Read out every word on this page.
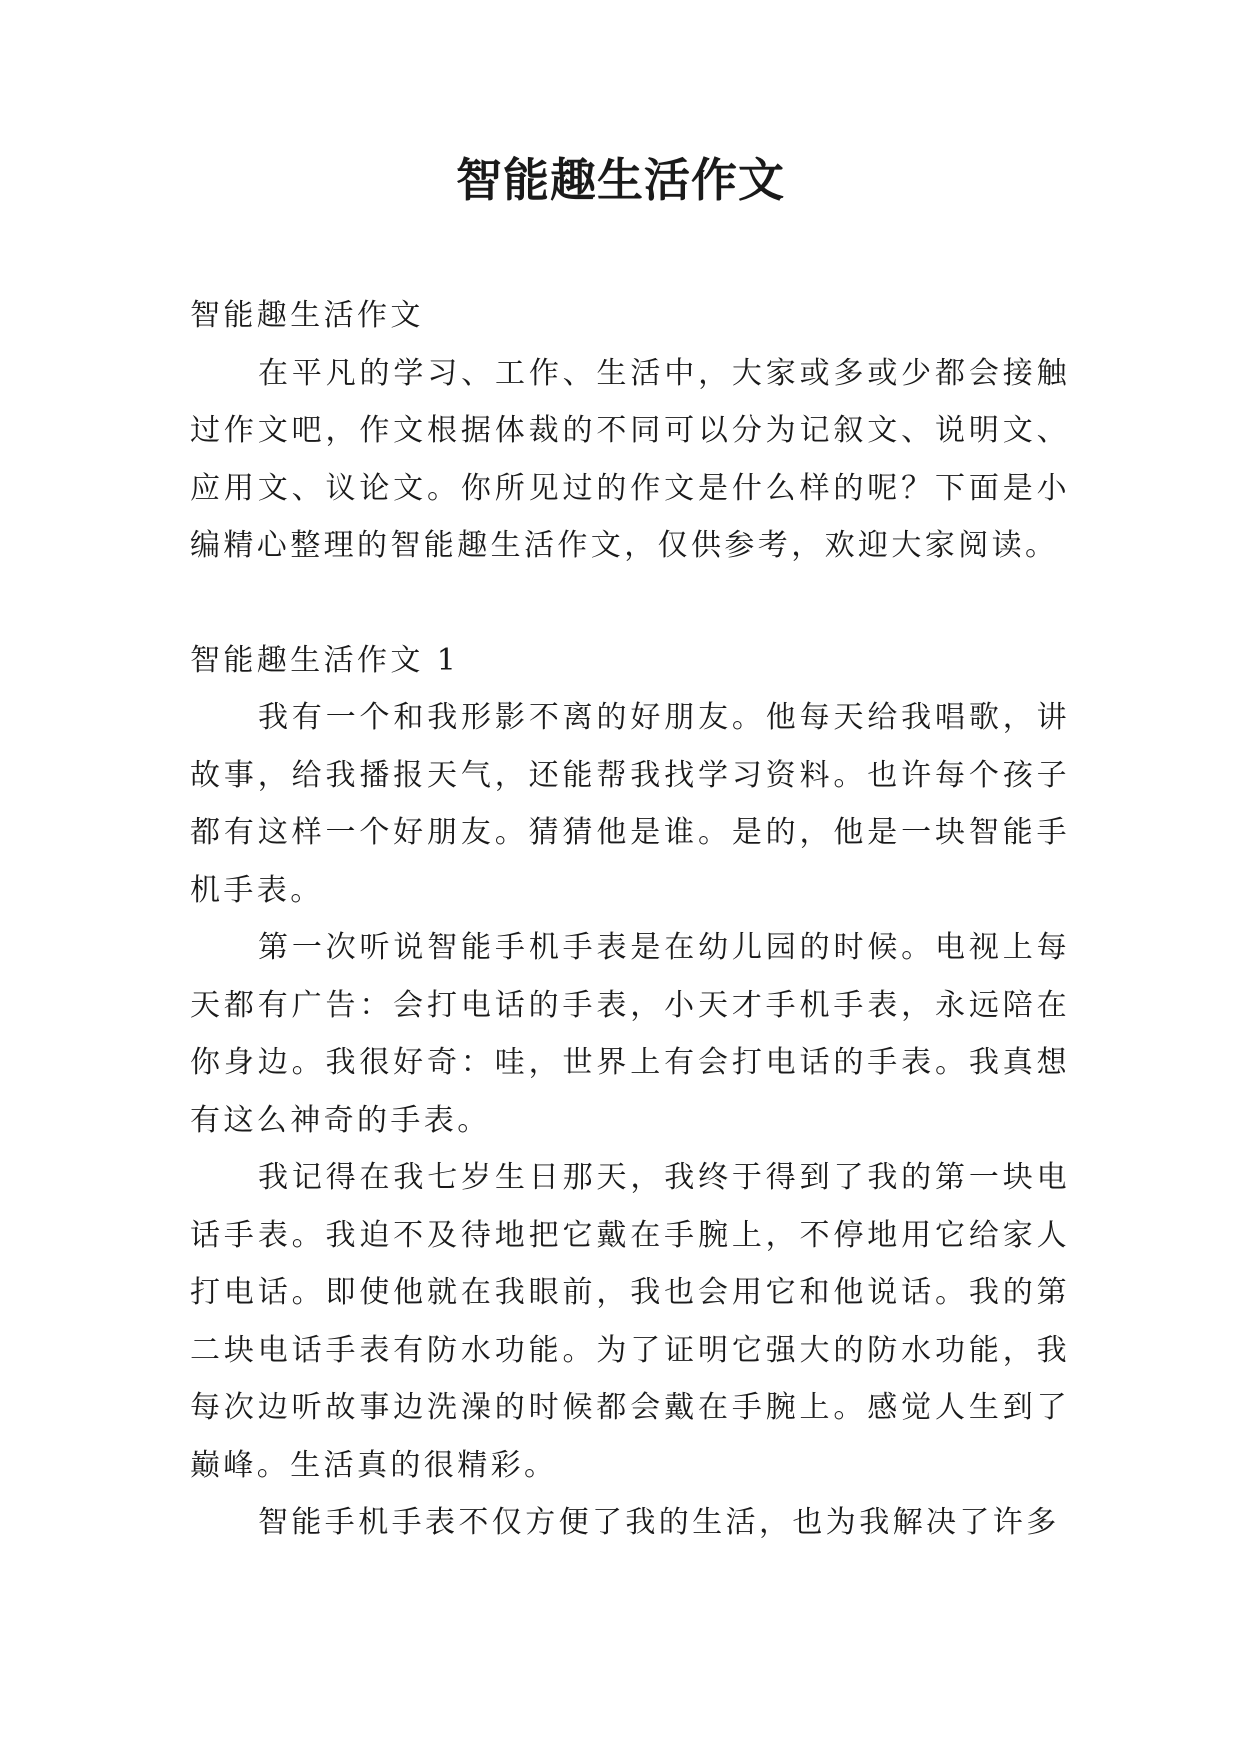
智能趣生活作文

智能趣生活作文

在平凡的学习、工作、生活中，大家或多或少都会接触过作文吧，作文根据体裁的不同可以分为记叙文、说明文、应用文、议论文。你所见过的作文是什么样的呢？下面是小编精心整理的智能趣生活作文，仅供参考，欢迎大家阅读。

智能趣生活作文 1

我有一个和我形影不离的好朋友。他每天给我唱歌，讲故事，给我播报天气，还能帮我找学习资料。也许每个孩子都有这样一个好朋友。猜猜他是谁。是的，他是一块智能手机手表。

第一次听说智能手机手表是在幼儿园的时候。电视上每天都有广告：会打电话的手表，小天才手机手表，永远陪在你身边。我很好奇：哇，世界上有会打电话的手表。我真想有这么神奇的手表。

我记得在我七岁生日那天，我终于得到了我的第一块电话手表。我迫不及待地把它戴在手腕上，不停地用它给家人打电话。即使他就在我眼前，我也会用它和他说话。我的第二块电话手表有防水功能。为了证明它强大的防水功能，我每次边听故事边洗澡的时候都会戴在手腕上。感觉人生到了巅峰。生活真的很精彩。

智能手机手表不仅方便了我的生活，也为我解决了许多
